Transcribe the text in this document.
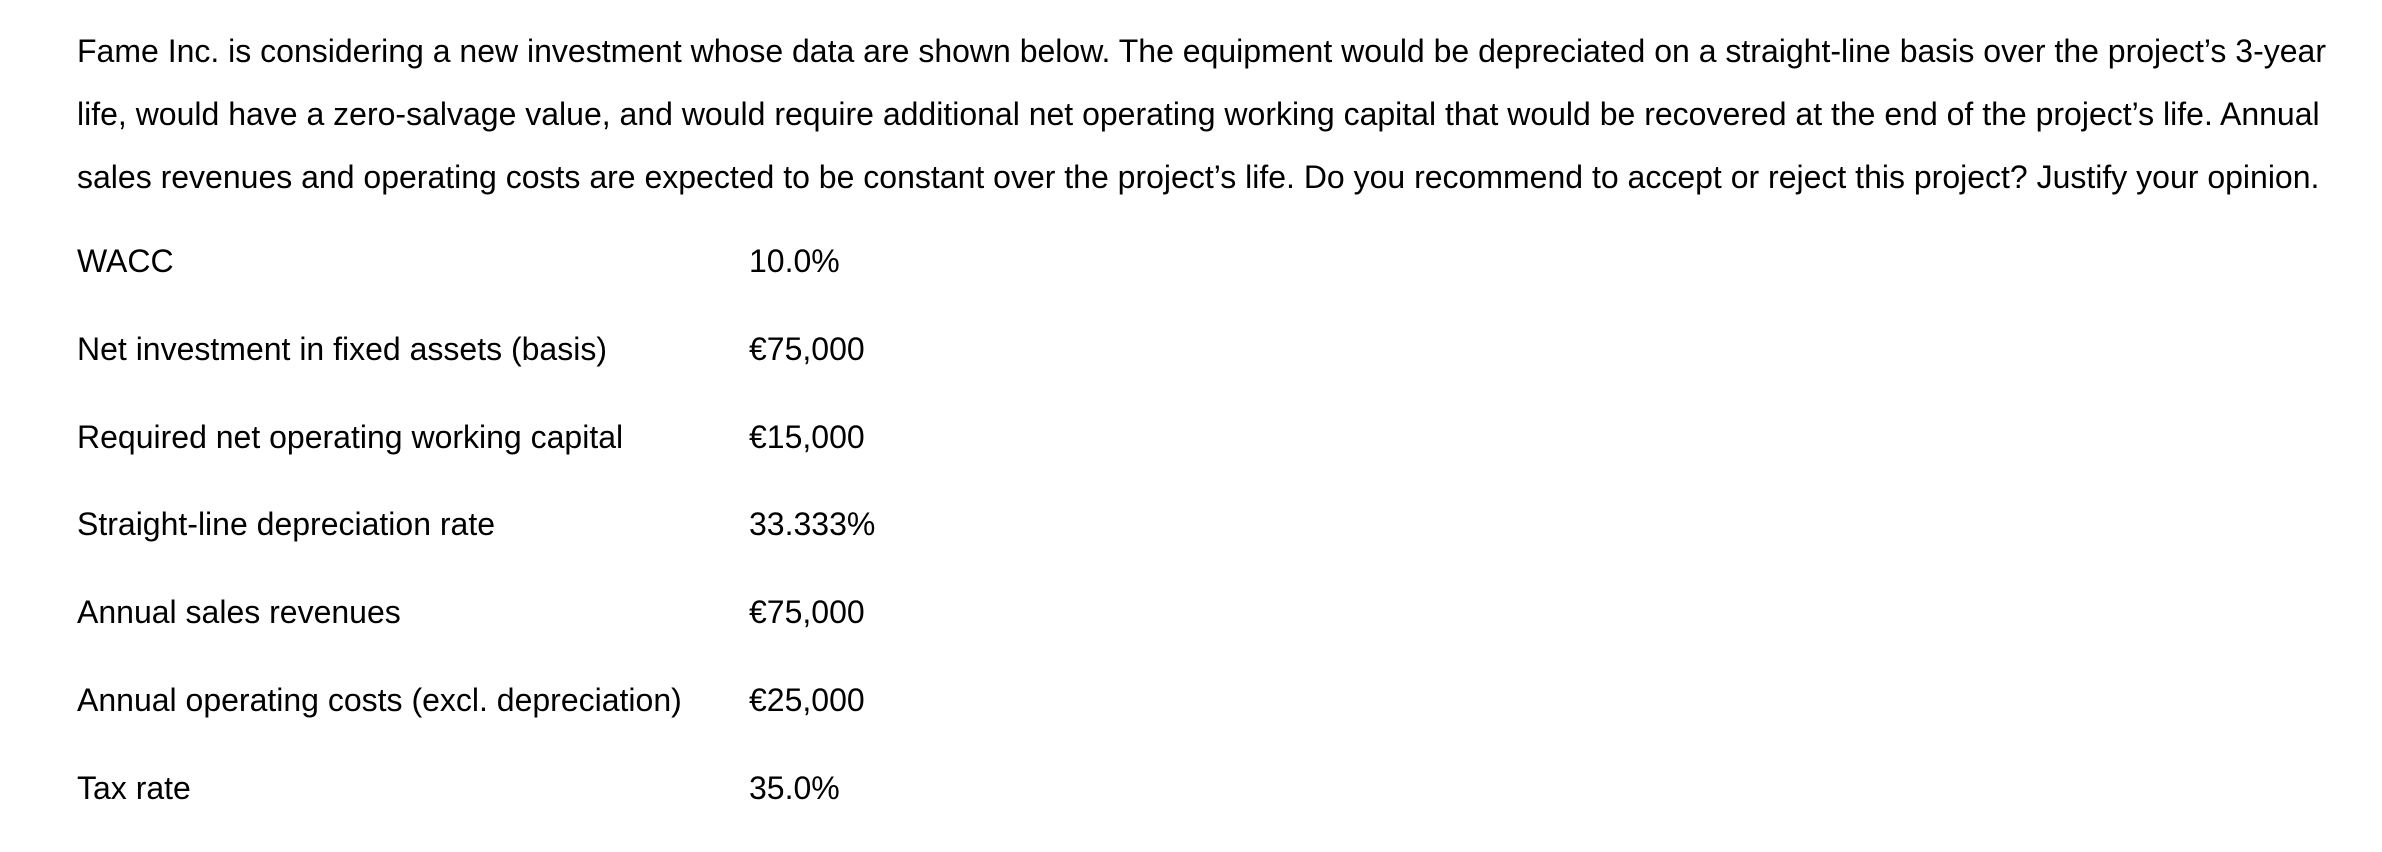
Fame Inc. is considering a new investment whose data are shown below. The equipment would be depreciated on a straight-line basis over the project’s 3-year
life, would have a zero-salvage value, and would require additional net operating working capital that would be recovered at the end of the project’s life. Annual
sales revenues and operating costs are expected to be constant over the project’s life. Do you recommend to accept or reject this project? Justify your opinion.

WACC	10.0%
Net investment in fixed assets (basis)	€75,000
Required net operating working capital	€15,000
Straight-line depreciation rate	33.333%
Annual sales revenues	€75,000
Annual operating costs (excl. depreciation) €25,000
Tax rate	35.0%
